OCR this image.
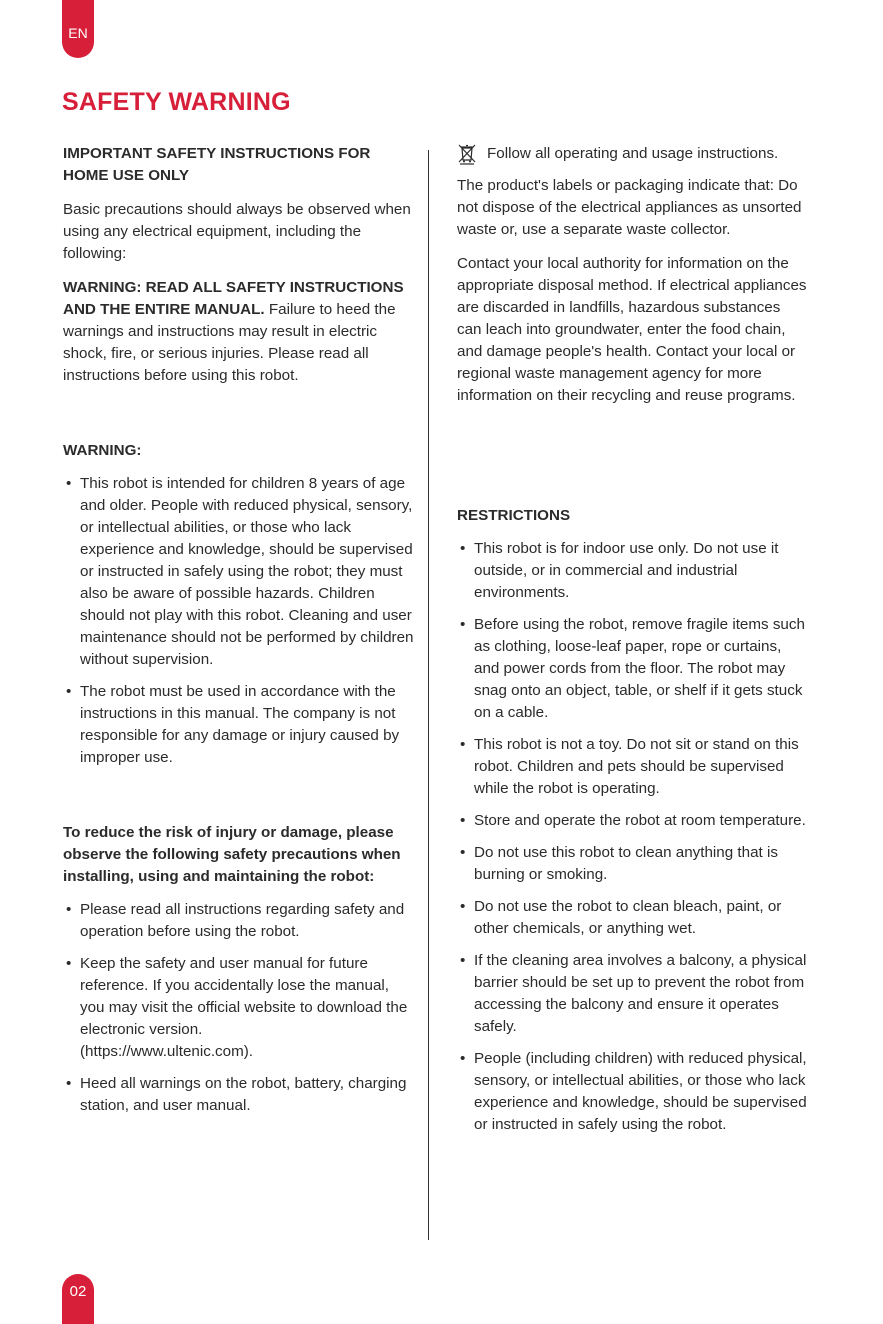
EN
SAFETY WARNING

IMPORTANT SAFETY INSTRUCTIONS FOR HOME USE ONLY

Basic precautions should always be observed when using any electrical equipment, including the following:

WARNING: READ ALL SAFETY INSTRUCTIONS AND THE ENTIRE MANUAL. Failure to heed the warnings and instructions may result in electric shock, fire, or serious injuries. Please read all instructions before using this robot.

WARNING:

• This robot is intended for children 8 years of age and older. People with reduced physical, sensory, or intellectual abilities, or those who lack experience and knowledge, should be supervised or instructed in safely using the robot; they must also be aware of possible hazards. Children should not play with this robot. Cleaning and user maintenance should not be performed by children without supervision.
• The robot must be used in accordance with the instructions in this manual. The company is not responsible for any damage or injury caused by improper use.

To reduce the risk of injury or damage, please observe the following safety precautions when installing, using and maintaining the robot:

• Please read all instructions regarding safety and operation before using the robot.
• Keep the safety and user manual for future reference. If you accidentally lose the manual, you may visit the official website to download the electronic version.
(https://www.ultenic.com).
• Heed all warnings on the robot, battery, charging station, and user manual.
Follow all operating and usage instructions.

The product's labels or packaging indicate that: Do not dispose of the electrical appliances as unsorted waste or, use a separate waste collector.

Contact your local authority for information on the appropriate disposal method. If electrical appliances are discarded in landfills, hazardous substances can leach into groundwater, enter the food chain, and damage people's health. Contact your local or regional waste management agency for more information on their recycling and reuse programs.

RESTRICTIONS

• This robot is for indoor use only. Do not use it outside, or in commercial and industrial environments.
• Before using the robot, remove fragile items such as clothing, loose-leaf paper, rope or curtains, and power cords from the floor. The robot may snag onto an object, table, or shelf if it gets stuck on a cable.
• This robot is not a toy. Do not sit or stand on this robot. Children and pets should be supervised while the robot is operating.
• Store and operate the robot at room temperature.
• Do not use this robot to clean anything that is burning or smoking.
• Do not use the robot to clean bleach, paint, or other chemicals, or anything wet.
• If the cleaning area involves a balcony, a physical barrier should be set up to prevent the robot from accessing the balcony and ensure it operates safely.
• People (including children) with reduced physical, sensory, or intellectual abilities, or those who lack experience and knowledge, should be supervised or instructed in safely using the robot.
02
